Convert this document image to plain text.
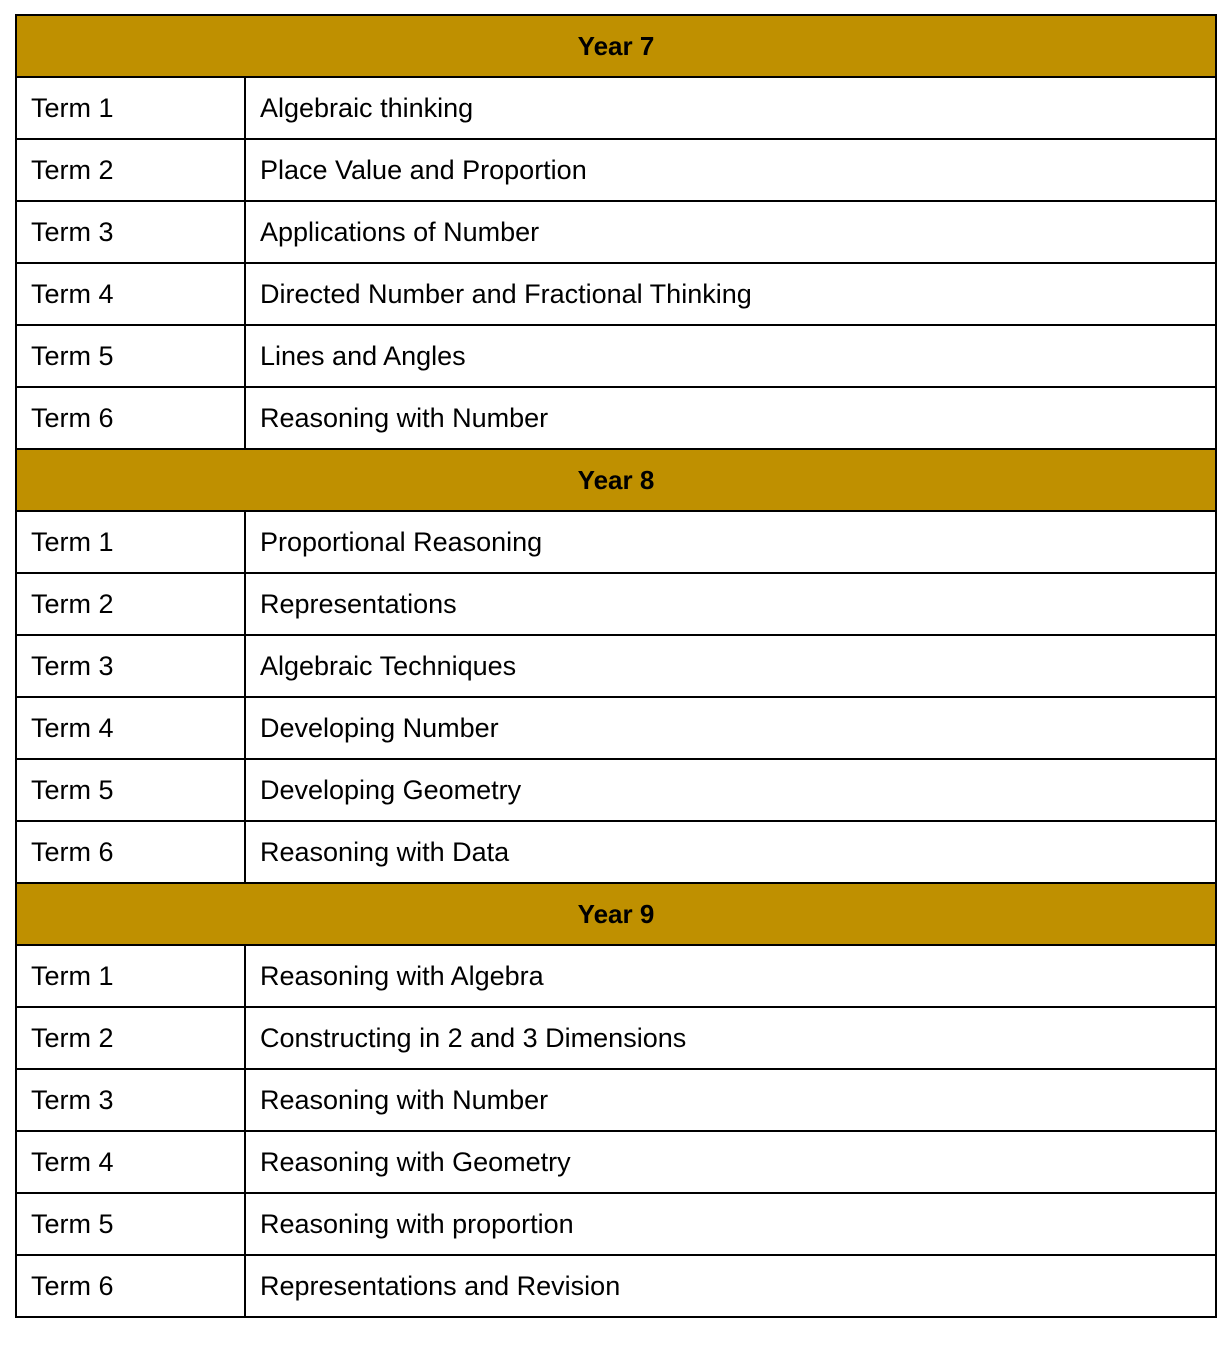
Year 7	
Term 1	Algebraic thinking
Term 2	Place Value and Proportion
Term 3	Applications of Number
Term 4	Directed Number and Fractional Thinking
Term 5	Lines and Angles
Term 6	Reasoning with Number
Year 8	
Term 1	Proportional Reasoning
Term 2	Representations
Term 3	Algebraic Techniques
Term 4	Developing Number
Term 5	Developing Geometry
Term 6	Reasoning with Data
Year 9	
Term 1	Reasoning with Algebra
Term 2	Constructing in 2 and 3 Dimensions
Term 3	Reasoning with Number
Term 4	Reasoning with Geometry
Term 5	Reasoning with proportion
Term 6	Representations and Revision
